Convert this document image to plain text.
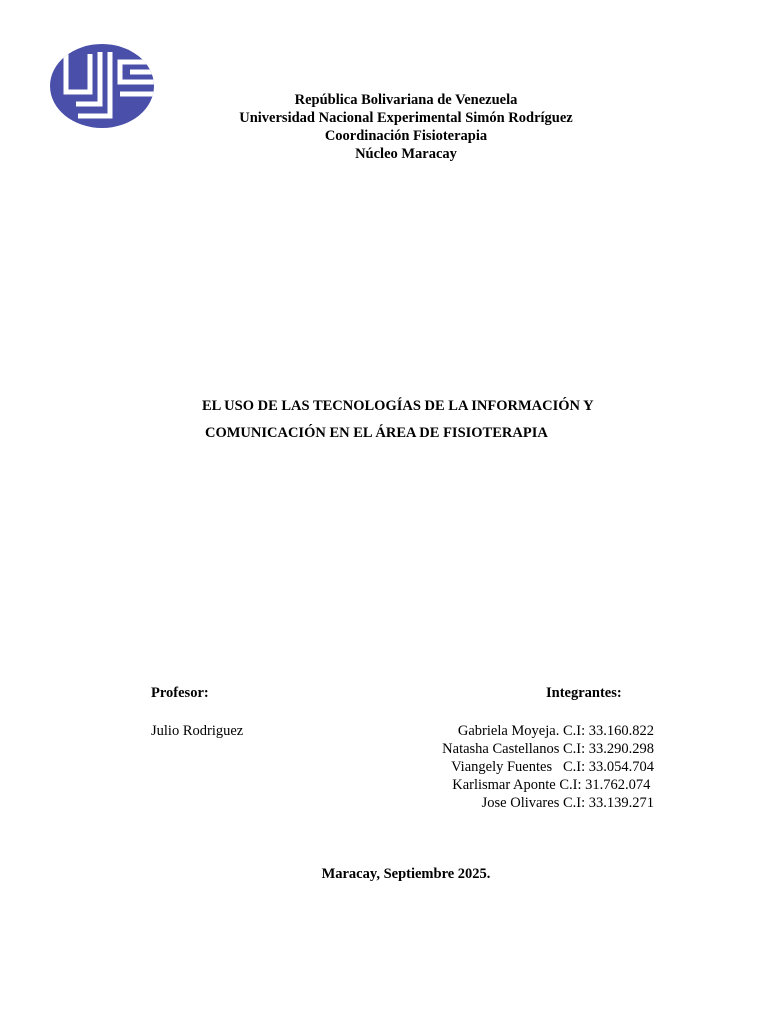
República Bolivariana de Venezuela
Universidad Nacional Experimental Simón Rodríguez
Coordinación Fisioterapia
Núcleo Maracay
EL USO DE LAS TECNOLOGÍAS DE LA INFORMACIÓN Y
COMUNICACIÓN EN EL ÁREA DE FISIOTERAPIA
Profesor:	Integrantes:
Julio Rodriguez	Gabriela Moyeja. C.I: 33.160.822
Natasha Castellanos C.I: 33.290.298
Viangely Fuentes   C.I: 33.054.704
Karlismar Aponte C.I: 31.762.074
Jose Olivares C.I: 33.139.271
Maracay, Septiembre 2025.
